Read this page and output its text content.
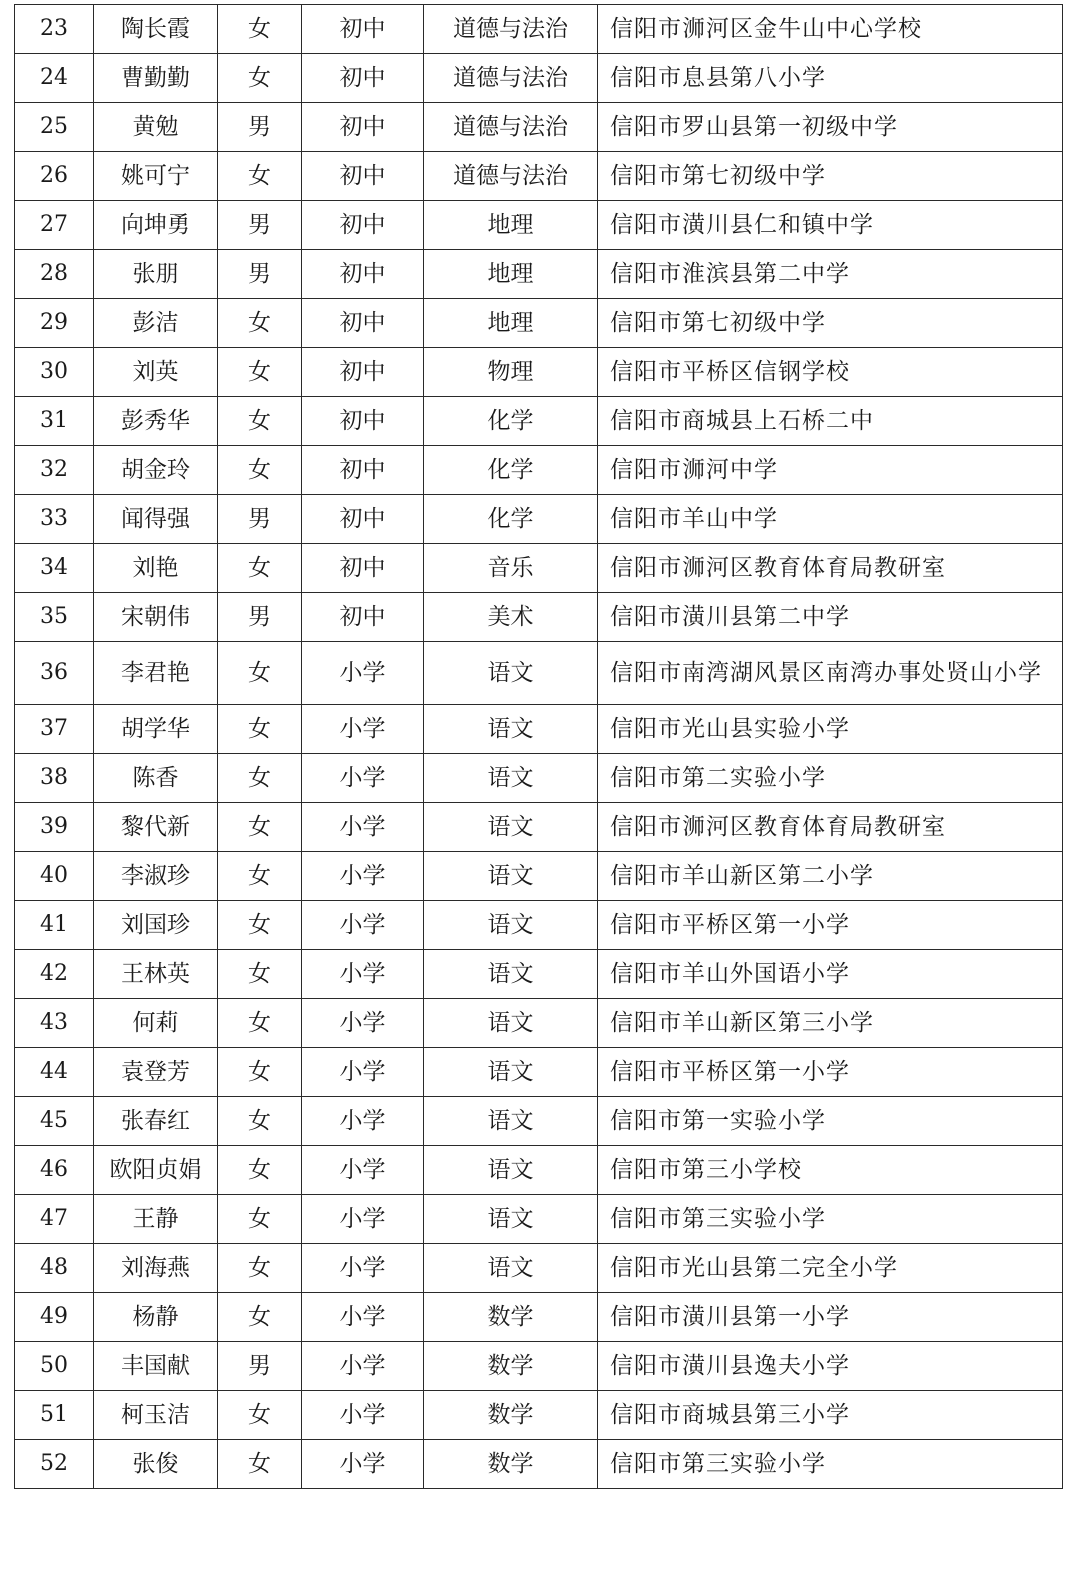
23	陶长霞	女	初中	道德与法治	信阳市浉河区金牛山中心学校
24	曹勤勤	女	初中	道德与法治	信阳市息县第八小学
25	黄勉	男	初中	道德与法治	信阳市罗山县第一初级中学
26	姚可宁	女	初中	道德与法治	信阳市第七初级中学
27	向坤勇	男	初中	地理	信阳市潢川县仁和镇中学
28	张朋	男	初中	地理	信阳市淮滨县第二中学
29	彭洁	女	初中	地理	信阳市第七初级中学
30	刘英	女	初中	物理	信阳市平桥区信钢学校
31	彭秀华	女	初中	化学	信阳市商城县上石桥二中
32	胡金玲	女	初中	化学	信阳市浉河中学
33	闻得强	男	初中	化学	信阳市羊山中学
34	刘艳	女	初中	音乐	信阳市浉河区教育体育局教研室
35	宋朝伟	男	初中	美术	信阳市潢川县第二中学
36	李君艳	女	小学	语文	信阳市南湾湖风景区南湾办事处贤山小学
37	胡学华	女	小学	语文	信阳市光山县实验小学
38	陈香	女	小学	语文	信阳市第二实验小学
39	黎代新	女	小学	语文	信阳市浉河区教育体育局教研室
40	李淑珍	女	小学	语文	信阳市羊山新区第二小学
41	刘国珍	女	小学	语文	信阳市平桥区第一小学
42	王林英	女	小学	语文	信阳市羊山外国语小学
43	何莉	女	小学	语文	信阳市羊山新区第三小学
44	袁登芳	女	小学	语文	信阳市平桥区第一小学
45	张春红	女	小学	语文	信阳市第一实验小学
46	欧阳贞娟	女	小学	语文	信阳市第三小学校
47	王静	女	小学	语文	信阳市第三实验小学
48	刘海燕	女	小学	语文	信阳市光山县第二完全小学
49	杨静	女	小学	数学	信阳市潢川县第一小学
50	丰国献	男	小学	数学	信阳市潢川县逸夫小学
51	柯玉洁	女	小学	数学	信阳市商城县第三小学
52	张俊	女	小学	数学	信阳市第三实验小学
